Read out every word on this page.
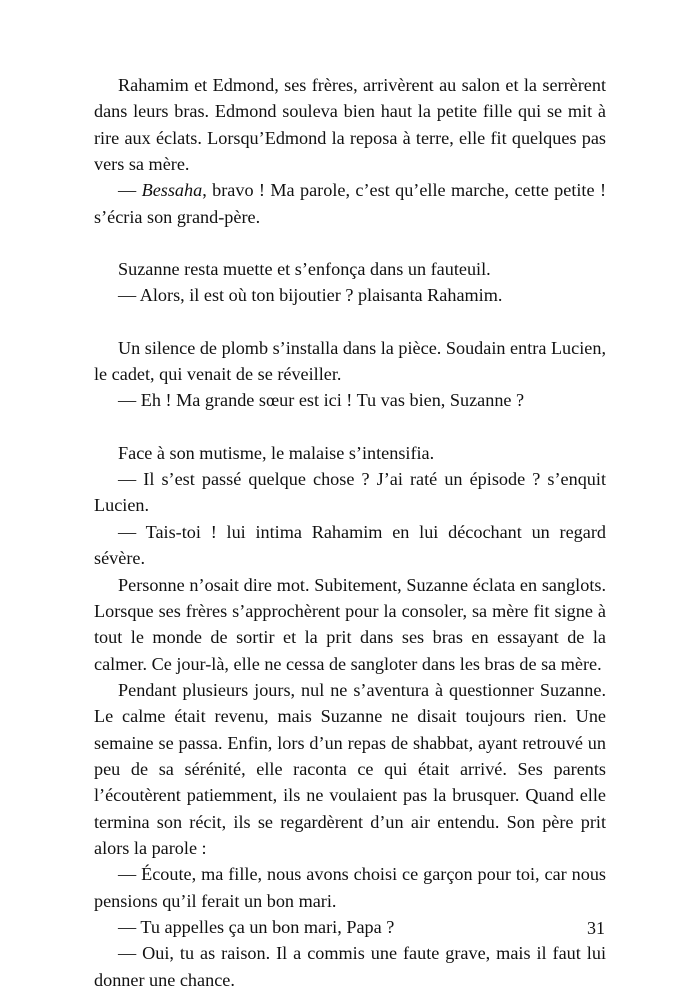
Rahamim et Edmond, ses frères, arrivèrent au salon et la serrèrent dans leurs bras. Edmond souleva bien haut la petite fille qui se mit à rire aux éclats. Lorsqu’Edmond la reposa à terre, elle fit quelques pas vers sa mère.

— Bessaha, bravo ! Ma parole, c’est qu’elle marche, cette petite ! s’écria son grand-père.

Suzanne resta muette et s’enfonça dans un fauteuil.

— Alors, il est où ton bijoutier ? plaisanta Rahamim.

Un silence de plomb s’installa dans la pièce. Soudain entra Lucien, le cadet, qui venait de se réveiller.

— Eh ! Ma grande sœur est ici ! Tu vas bien, Suzanne ?

Face à son mutisme, le malaise s’intensifia.

— Il s’est passé quelque chose ? J’ai raté un épisode ? s’enquit Lucien.

— Tais-toi ! lui intima Rahamim en lui décochant un regard sévère.

Personne n’osait dire mot. Subitement, Suzanne éclata en sanglots. Lorsque ses frères s’approchèrent pour la consoler, sa mère fit signe à tout le monde de sortir et la prit dans ses bras en essayant de la calmer. Ce jour-là, elle ne cessa de sangloter dans les bras de sa mère.

Pendant plusieurs jours, nul ne s’aventura à questionner Suzanne. Le calme était revenu, mais Suzanne ne disait toujours rien. Une semaine se passa. Enfin, lors d’un repas de shabbat, ayant retrouvé un peu de sa sérénité, elle raconta ce qui était arrivé. Ses parents l’écoutèrent patiemment, ils ne voulaient pas la brusquer. Quand elle termina son récit, ils se regardèrent d’un air entendu. Son père prit alors la parole :

— Écoute, ma fille, nous avons choisi ce garçon pour toi, car nous pensions qu’il ferait un bon mari.

— Tu appelles ça un bon mari, Papa ?

— Oui, tu as raison. Il a commis une faute grave, mais il faut lui donner une chance.

31
